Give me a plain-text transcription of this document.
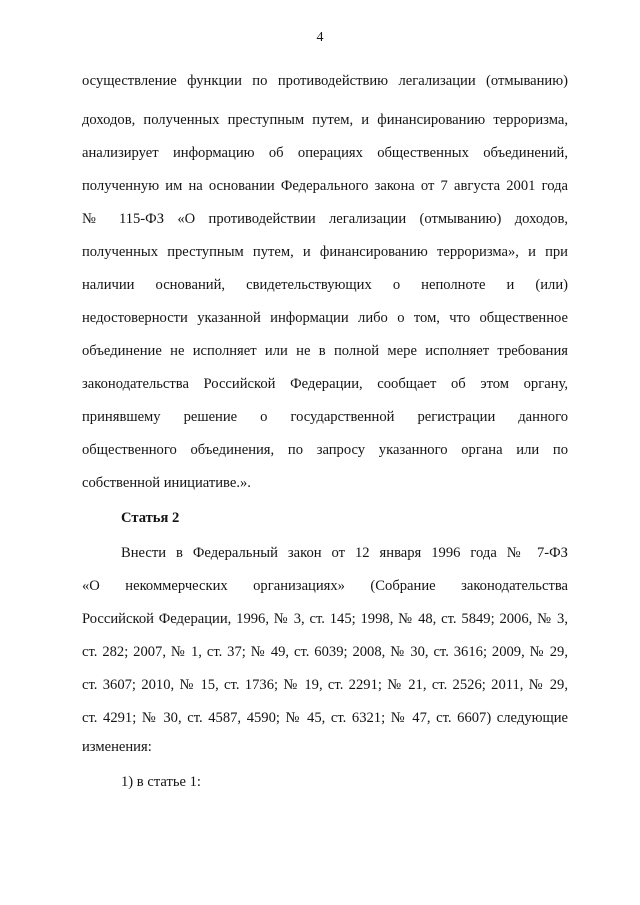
4
осуществление функции по противодействию легализации (отмыванию)
доходов, полученных преступным путем, и финансированию терроризма,
анализирует информацию об операциях общественных объединений,
полученную им на основании Федерального закона от 7 августа 2001 года
№ 115-ФЗ «О противодействии легализации (отмыванию) доходов,
полученных преступным путем, и финансированию терроризма», и при
наличии оснований, свидетельствующих о неполноте и (или)
недостоверности указанной информации либо о том, что общественное
объединение не исполняет или не в полной мере исполняет требования
законодательства Российской Федерации, сообщает об этом органу,
принявшему решение о государственной регистрации данного
общественного объединения, по запросу указанного органа или по
собственной инициативе.».
Статья 2
Внести в Федеральный закон от 12 января 1996 года № 7-ФЗ
«О некоммерческих организациях» (Собрание законодательства
Российской Федерации, 1996, № 3, ст. 145; 1998, № 48, ст. 5849; 2006, № 3,
ст. 282; 2007, № 1, ст. 37; № 49, ст. 6039; 2008, № 30, ст. 3616; 2009, № 29,
ст. 3607; 2010, № 15, ст. 1736; № 19, ст. 2291; № 21, ст. 2526; 2011, № 29,
ст. 4291; № 30, ст. 4587, 4590; № 45, ст. 6321; № 47, ст. 6607) следующие
изменения:
1) в статье 1:
